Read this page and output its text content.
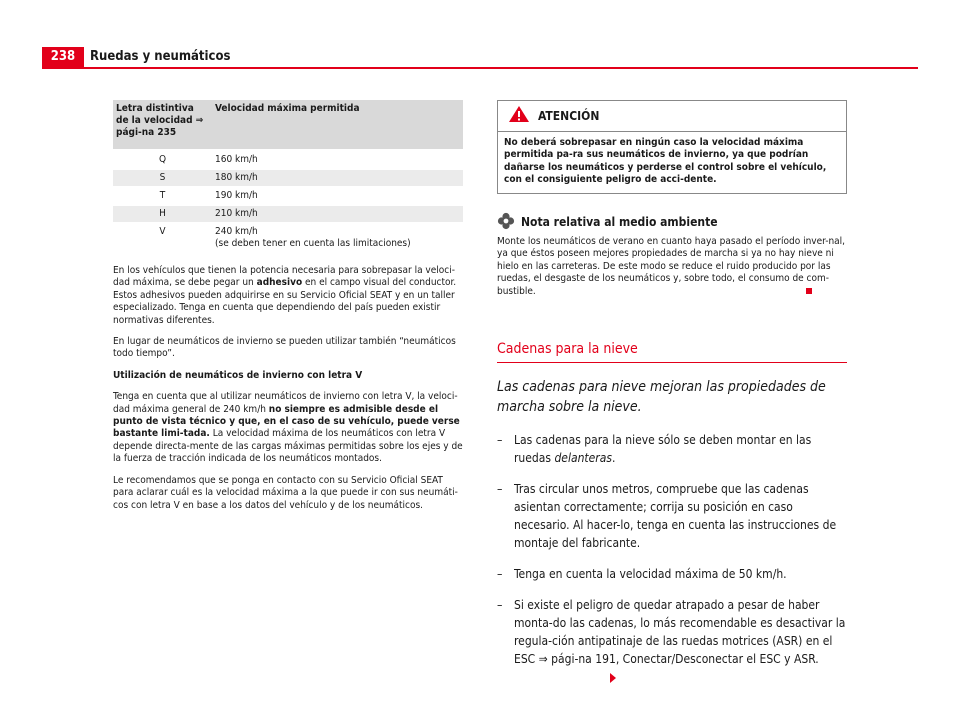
238	Ruedas y neumáticos
Letra distintiva de la velocidad ⇒ pági-na 235	Velocidad máxima permitida
Q	160 km/h
S	180 km/h
T	190 km/h
H	210 km/h
V	240 km/h
(se deben tener en cuenta las limitaciones)

En los vehículos que tienen la potencia necesaria para sobrepasar la veloci-dad máxima, se debe pegar un adhesivo en el campo visual del conductor. Estos adhesivos pueden adquirirse en su Servicio Oficial SEAT y en un taller especializado. Tenga en cuenta que dependiendo del país pueden existir normativas diferentes.

En lugar de neumáticos de invierno se pueden utilizar también “neumáticos todo tiempo”.

Utilización de neumáticos de invierno con letra V

Tenga en cuenta que al utilizar neumáticos de invierno con letra V, la veloci-dad máxima general de 240 km/h no siempre es admisible desde el punto de vista técnico y que, en el caso de su vehículo, puede verse bastante limi-tada. La velocidad máxima de los neumáticos con letra V depende directa-mente de las cargas máximas permitidas sobre los ejes y de la fuerza de tracción indicada de los neumáticos montados.

Le recomendamos que se ponga en contacto con su Servicio Oficial SEAT para aclarar cuál es la velocidad máxima a la que puede ir con sus neumáti-cos con letra V en base a los datos del vehículo y de los neumáticos.

ATENCIÓN
No deberá sobrepasar en ningún caso la velocidad máxima permitida pa-ra sus neumáticos de invierno, ya que podrían dañarse los neumáticos y perderse el control sobre el vehículo, con el consiguiente peligro de acci-dente.
Nota relativa al medio ambiente
Monte los neumáticos de verano en cuanto haya pasado el período inver-nal, ya que éstos poseen mejores propiedades de marcha si ya no hay nieve ni hielo en las carreteras. De este modo se reduce el ruido producido por las ruedas, el desgaste de los neumáticos y, sobre todo, el consumo de com-bustible.
Cadenas para la nieve
Las cadenas para nieve mejoran las propiedades de marcha sobre la nieve.
– Las cadenas para la nieve sólo se deben montar en las ruedas delanteras.
– Tras circular unos metros, compruebe que las cadenas asientan correctamente; corrija su posición en caso necesario. Al hacer-lo, tenga en cuenta las instrucciones de montaje del fabricante.
– Tenga en cuenta la velocidad máxima de 50 km/h.
– Si existe el peligro de quedar atrapado a pesar de haber monta-do las cadenas, lo más recomendable es desactivar la regula-ción antipatinaje de las ruedas motrices (ASR) en el ESC ⇒ pági-na 191, Conectar/Desconectar el ESC y ASR.
